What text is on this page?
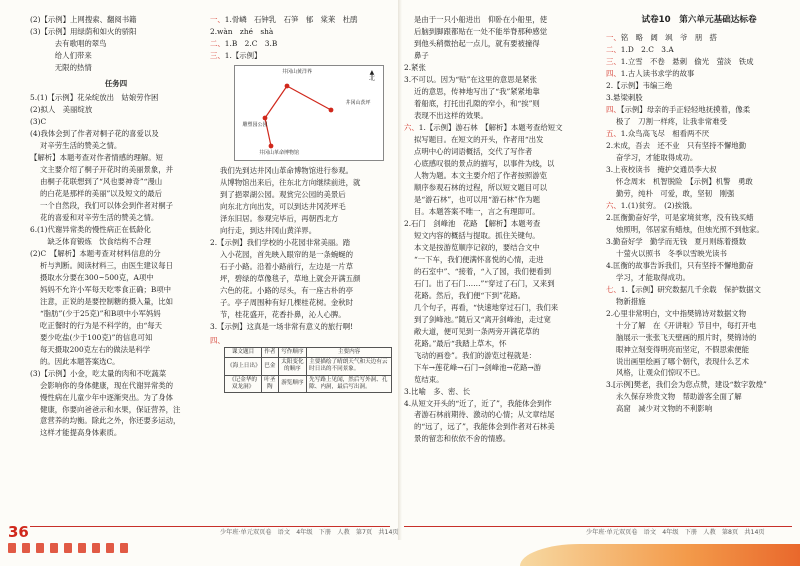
(2)【示例】上网搜索、翻阅书籍
(3)【示例】用绿荫和如火的骄阳
　　去有歌唱的翠鸟
　　给人们带来
　　无限的热情
任务四
5.(1)【示例】花朵绽放出　姑娘劳作困
(2)拟人　美丽绽放
(3)C
(4)我体会到了作者对桐子花的喜爱以及
对辛劳生活的赞美之情。
【解析】本题考查对作者情感的理解。短
文主要介绍了桐子开花时的美丽景象，并
由桐子花联想到了“风也要神奇”“漫山
的白花是那样的美丽”以及短文的最后
一个自然段，我们可以体会到作者对桐子
花的喜爱和对辛劳生活的赞美之情。
6.(1)代谢异常类的慢性病正在低龄化
　缺乏体育锻炼　饮食结构不合理
(2)C　【解析】本题考查对材料信息的分
析与判断。阅读材料三，由医生建议每日
摄取水分要在300~500克，A项中
妈妈不允许小军每天吃零食正确；B项中
注意，正说的是要控制糖的摄入量，比如
“脂肪”(少于25克)”和B项中小军妈妈
吃正餐时的行为是不科学的，由“每天
要少吃盐(少于100克)”的信息可知
每天摄取200克左右的做法是科学
的。因此本题答案选C。
(3)【示例】小金，吃太量的肉和不吃蔬菜
会影响你的身体健康，现在代谢异常类的
慢性病在儿童少年中逐渐突出。为了身体
健康，你要向爸爸示和水果，保证营养，注
意营养的均衡。除此之外，你还要多运动，
这样才能提高身体素质。
一、1.骨嶙　石钟乳　石笋　郁　棠莱　杜鹃
2.wàn　zhé　shà
二、1.B　2.C　3.B
三、1.【示例】
▲
北
井冈山黄洋界
雕塑园公园
井冈山茨坪
井冈山革命博物馆
我们先到达井冈山革命博物馆进行参观。
从博物馆出来后，往东北方向继续前进，就
到了挹翠湖公园。观赏完公园的美景后
向东北方向出发，可以到达井冈茨坪毛
泽东旧居。参观完毕后，再朝西北方
向行走，到达井冈山黄洋界。
2.【示例】我们学校的小花园非常美丽。踏
入小花园，首先映入眼帘的是一条蜿蜒的
石子小路。沿着小路前行，左边是一片草
坪，碧绿的草像毯子，草地上就会开满五颜
六色的花。小路的尽头，有一座古朴的亭
子。亭子周围种有好几棵桂花树。金秋时
节，桂花盛开，花香扑鼻，沁人心脾。
3.【示例】这真是一场非常有意义的旅行啊!
四、
课文题目	作者	写作顺序	主要内容
《海上日出》	巴金	太阳变化的顺序	主要描绘了晴朗天气和天边有云时日出的不同景象。
《记金华的双龙洞》	叶圣陶	游览顺序	先写路上见闻，然后写外洞、孔隙、内洞，最后写出洞。
是由于一只小船进出　仰卧在小船里，使
后脑到脚跟都贴在一处不能举脊那种感觉
到他头稍微抬起一点儿，就有要被撞得
鼻子
2.紧张
3.不可以。因为“贴”在这里的意思是紧张
近的意思，传神地写出了“我”紧紧地靠
着船底，打托出孔隙的窄小，和“挨”则
表现不出这样的效果。
六、1.【示例】游石林　【解析】本题考查给短文
拟写题目。在短文的开头，作者用“出发
点明中心的词语概括，交代了写作者
心底感叹很的景点的描写，以事件为线，以
人物为题。本文主要介绍了作者按照游览
顺序参观石林的过程，所以短文题目可以
是“游石林”，也可以用“游石林”作为题
目。本题答案不唯一，言之有理即可。
2.石门　剑峰池　花路　【解析】本题考查
短文内容的概括与提取。抓住关键句。
本文是按游览顺序记叙的，要结合文中
“一下车，我们便满怀喜悦的心情，走进
的石室中”、“接着，“入了园，我们便看到
石门。出了石门……”“穿过了石门，又来到
花路。然后，我们便“下到”花路。
几个句子，再看，“快速地穿过石门，我们来
到了剑峰池。”随后又“离开剑峰池，走过宽
敞大道，便可见到一条两旁开满花草的
花路。”最后“我踏上草木，怀
飞动的画卷”。我们的游览过程就是：
下车→莲花峰→石门→剑峰池→花路→游
览结束。
3.比喻　多、密、长
4.从短文开头的“近了，近了”，我能体会到作
者游石林前期待、激动的心情；从文章结尾
的“远了，远了”，我能体会到作者对石林美
景的留恋和依依不舍的情感。
试卷10　第六单元基础达标卷
一、铭　略　阔　飒　爷　朋　搭
二、1.D　2.C　3.A
三、1.立雪　不卷　悬刺　偷光　萤淡　铁成
四、1.古人读书求学的故事
2.【示例】韦编三绝
3.悬梁刺股
四、【示例】母亲的手正轻轻地抚摸着，像柔
极了　刀割一样疼，让我非常难受
五、1.众鸟高飞尽　相看两不厌
2.未成，吾去　还不业　只有坚持不懈地勤
奋学习，才能取得成功。
3.上夜校读书　掩护交通员李大叔
怀念周末　机智脱险　【示例】机警　勇敢
勤劳，纯朴　可爱，敢，坚韧　刚强
六、1.(1)贫穷。　(2)挨饿。
2.匡衡勤奋好学，可是家境贫寒，没有钱买蜡
烛照明，邻居家有蜡烛，但烛光照不到他家。
3.勤奋好学　勤学而无钱　夏月则练着摄数
十萤火以照书　冬季以雪映光读书
4.匡衡的故事告诉我们，只有坚持不懈地勤奋
学习，才能取得成功。
七、1.【示例】研究数据几千余载　保护数据文
物新措施
2.心里非常明白，文中指樊锦诗对数据文物
十分了解　在《开讲啦》节目中，每打开电
脑展示一张张飞天壁画的照片时，樊锦诗的
眼神立刻变得明亮而坚定，不假思索便能
说出画里绘画了哪个朝代，表现什么艺术
风格，让观众们惊叹不已。
3.[示例]樊老，我们会为您点赞，建设“数字敦煌”
永久保存珍贵文物　帮助游客全面了解
高窟　减少对文物的不利影响
36	少年班·单元双页卷　语文　4年级　下册　人教　第7页　共14页	少年班·单元双页卷　语文　4年级　下册　人教　第8页　共14页
